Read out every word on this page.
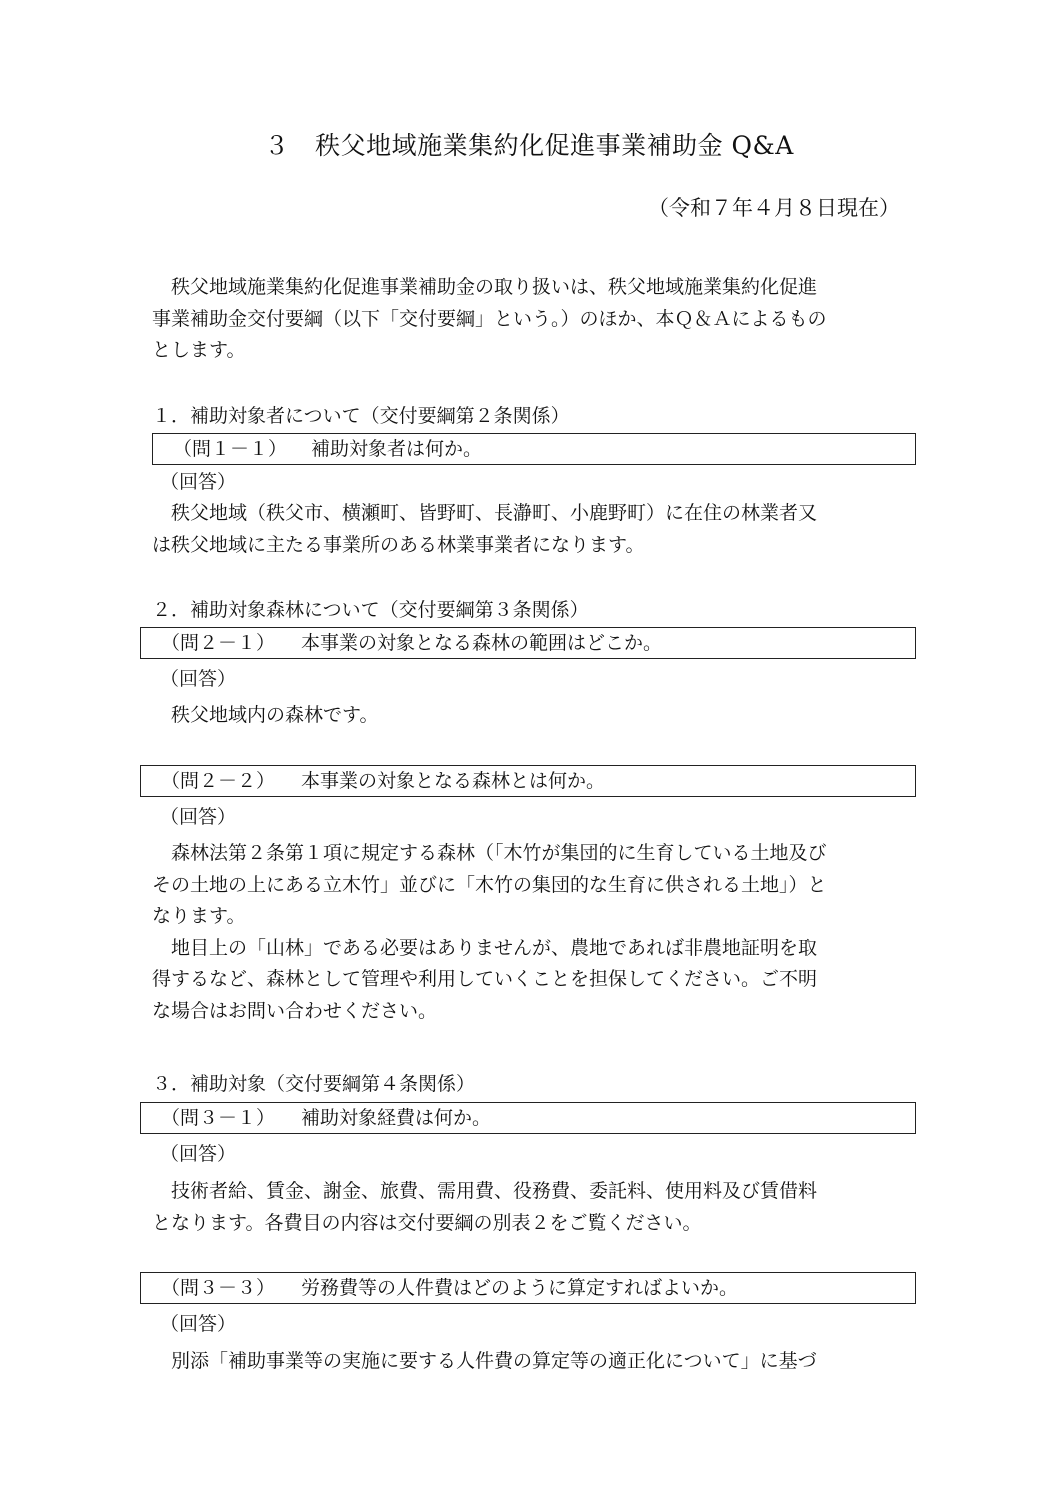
３　秩父地域施業集約化促進事業補助金 Q&A
（令和７年４月８日現在）

　秩父地域施業集約化促進事業補助金の取り扱いは、秩父地域施業集約化促進
事業補助金交付要綱（以下「交付要綱」という。）のほか、本Ｑ＆Ａによるもの
とします。

１．補助対象者について（交付要綱第２条関係）
（問１－１） 補助対象者は何か。
（回答）

　秩父地域（秩父市、横瀬町、皆野町、長瀞町、小鹿野町）に在住の林業者又
は秩父地域に主たる事業所のある林業事業者になります。

２．補助対象森林について（交付要綱第３条関係）
（問２－１） 本事業の対象となる森林の範囲はどこか。
（回答）

　秩父地域内の森林です。

（問２－２） 本事業の対象となる森林とは何か。
（回答）

　森林法第２条第１項に規定する森林（「木竹が集団的に生育している土地及び
その土地の上にある立木竹」並びに「木竹の集団的な生育に供される土地」）と
なります。
　地目上の「山林」である必要はありませんが、農地であれば非農地証明を取
得するなど、森林として管理や利用していくことを担保してください。ご不明
な場合はお問い合わせください。

３．補助対象（交付要綱第４条関係）
（問３－１） 補助対象経費は何か。
（回答）

　技術者給、賃金、謝金、旅費、需用費、役務費、委託料、使用料及び賃借料
となります。各費目の内容は交付要綱の別表２をご覧ください。

（問３－３） 労務費等の人件費はどのように算定すればよいか。
（回答）

　別添「補助事業等の実施に要する人件費の算定等の適正化について」に基づ
